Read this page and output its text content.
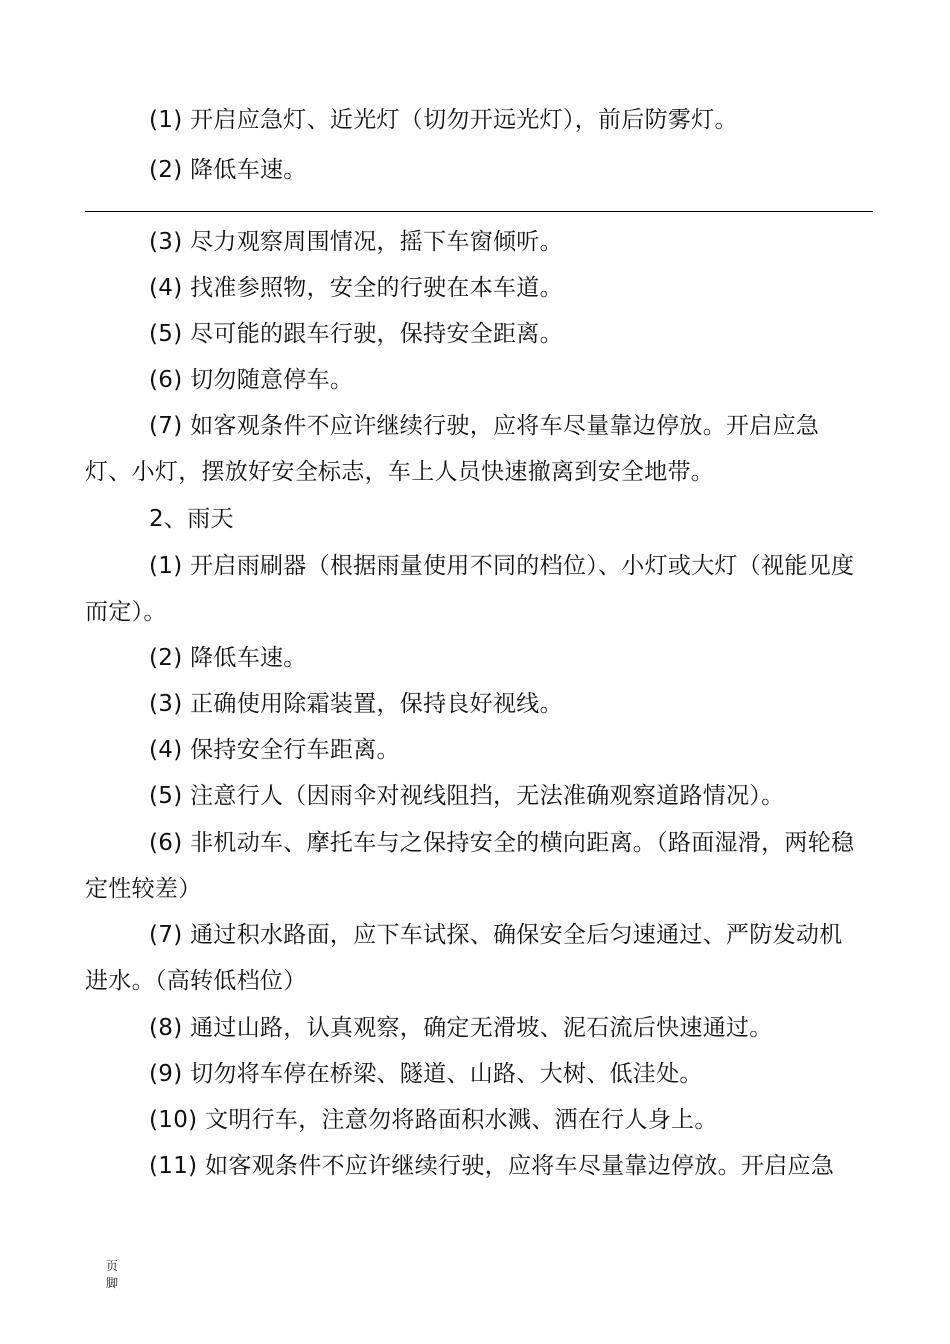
(1) 开启应急灯、近光灯（切勿开远光灯），前后防雾灯。

(2) 降低车速。

(3) 尽力观察周围情况，摇下车窗倾听。

(4) 找准参照物，安全的行驶在本车道。

(5) 尽可能的跟车行驶，保持安全距离。

(6) 切勿随意停车。

(7) 如客观条件不应许继续行驶，应将车尽量靠边停放。开启应急灯、小灯，摆放好安全标志，车上人员快速撤离到安全地带。

2、雨天

(1) 开启雨刷器（根据雨量使用不同的档位）、小灯或大灯（视能见度而定）。

(2) 降低车速。

(3) 正确使用除霜装置，保持良好视线。

(4) 保持安全行车距离。

(5) 注意行人（因雨伞对视线阻挡，无法准确观察道路情况）。

(6) 非机动车、摩托车与之保持安全的横向距离。（路面湿滑，两轮稳定性较差）

(7) 通过积水路面，应下车试探、确保安全后匀速通过、严防发动机进水。（高转低档位）

(8) 通过山路，认真观察，确定无滑坡、泥石流后快速通过。

(9) 切勿将车停在桥梁、隧道、山路、大树、低洼处。

(10) 文明行车，注意勿将路面积水溅、洒在行人身上。

(11) 如客观条件不应许继续行驶，应将车尽量靠边停放。开启应急

页脚
